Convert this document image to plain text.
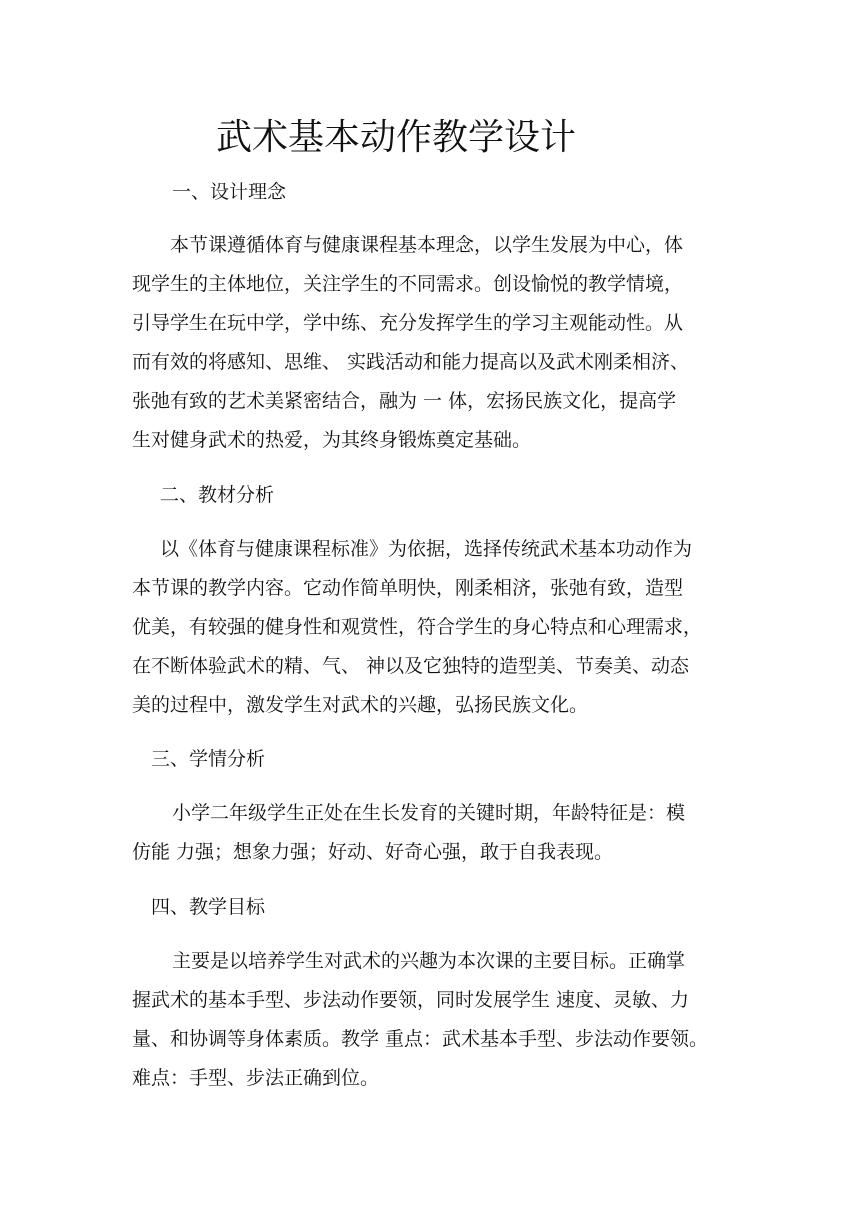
武术基本动作教学设计
一、设计理念
本节课遵循体育与健康课程基本理念，以学生发展为中心，体
现学生的主体地位，关注学生的不同需求。创设愉悦的教学情境，
引导学生在玩中学，学中练、充分发挥学生的学习主观能动性。从
而有效的将感知、思维、 实践活动和能力提高以及武术刚柔相济、
张弛有致的艺术美紧密结合，融为 一 体，宏扬民族文化，提高学
生对健身武术的热爱，为其终身锻炼奠定基础。
二、教材分析
以《体育与健康课程标准》为依据，选择传统武术基本功动作为
本节课的教学内容。它动作简单明快，刚柔相济，张弛有致，造型
优美，有较强的健身性和观赏性，符合学生的身心特点和心理需求，
在不断体验武术的精、气、 神以及它独特的造型美、节奏美、动态
美的过程中，激发学生对武术的兴趣，弘扬民族文化。
三、学情分析
小学二年级学生正处在生长发育的关键时期，年龄特征是：模
仿能 力强；想象力强；好动、好奇心强，敢于自我表现。
四、教学目标
主要是以培养学生对武术的兴趣为本次课的主要目标。正确掌
握武术的基本手型、步法动作要领，同时发展学生 速度、灵敏、力
量、和协调等身体素质。教学 重点：武术基本手型、步法动作要领。
难点：手型、步法正确到位。
